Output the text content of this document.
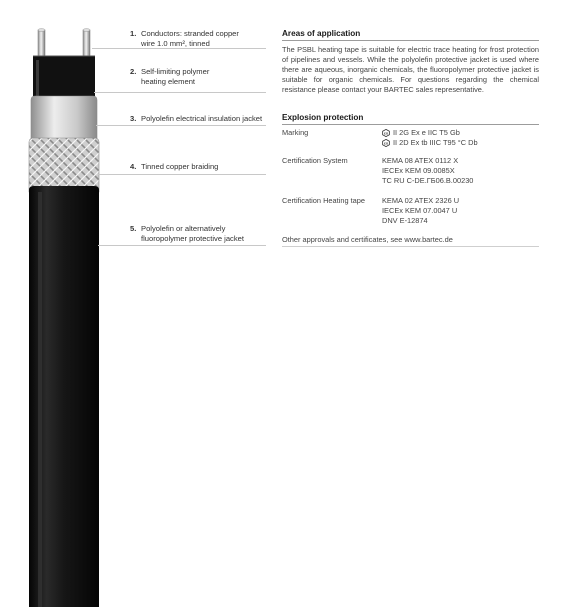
1. Conductors: stranded copper
wire 1.0 mm², tinned
2. Self-limiting polymer
heating element
3. Polyolefin electrical insulation jacket
4. Tinned copper braiding
5. Polyolefin or alternatively
fluoropolymer protective jacket
Areas of application
The PSBL heating tape is suitable for electric trace heating for frost protection of pipelines and vessels. While the polyolefin protective jacket is used where there are aqueous, inorganic chemicals, the fluoropolymer protective jacket is suitable for organic chemicals. For questions regarding the chemical resistance please contact your BARTEC sales representative.
Explosion protection
Marking	εx II 2G Ex e IIC T5 Gb
εx II 2D Ex tb IIIC T95 °C Db
Certification System	KEMA 08 ATEX 0112 X
IECEx KEM 09.0085X
TC RU C-DE.ГБ06.В.00230
Certification Heating tape KEMA 02 ATEX 2326 U
IECEx KEM 07.0047 U
DNV E-12874
Other approvals and certificates, see www.bartec.de
